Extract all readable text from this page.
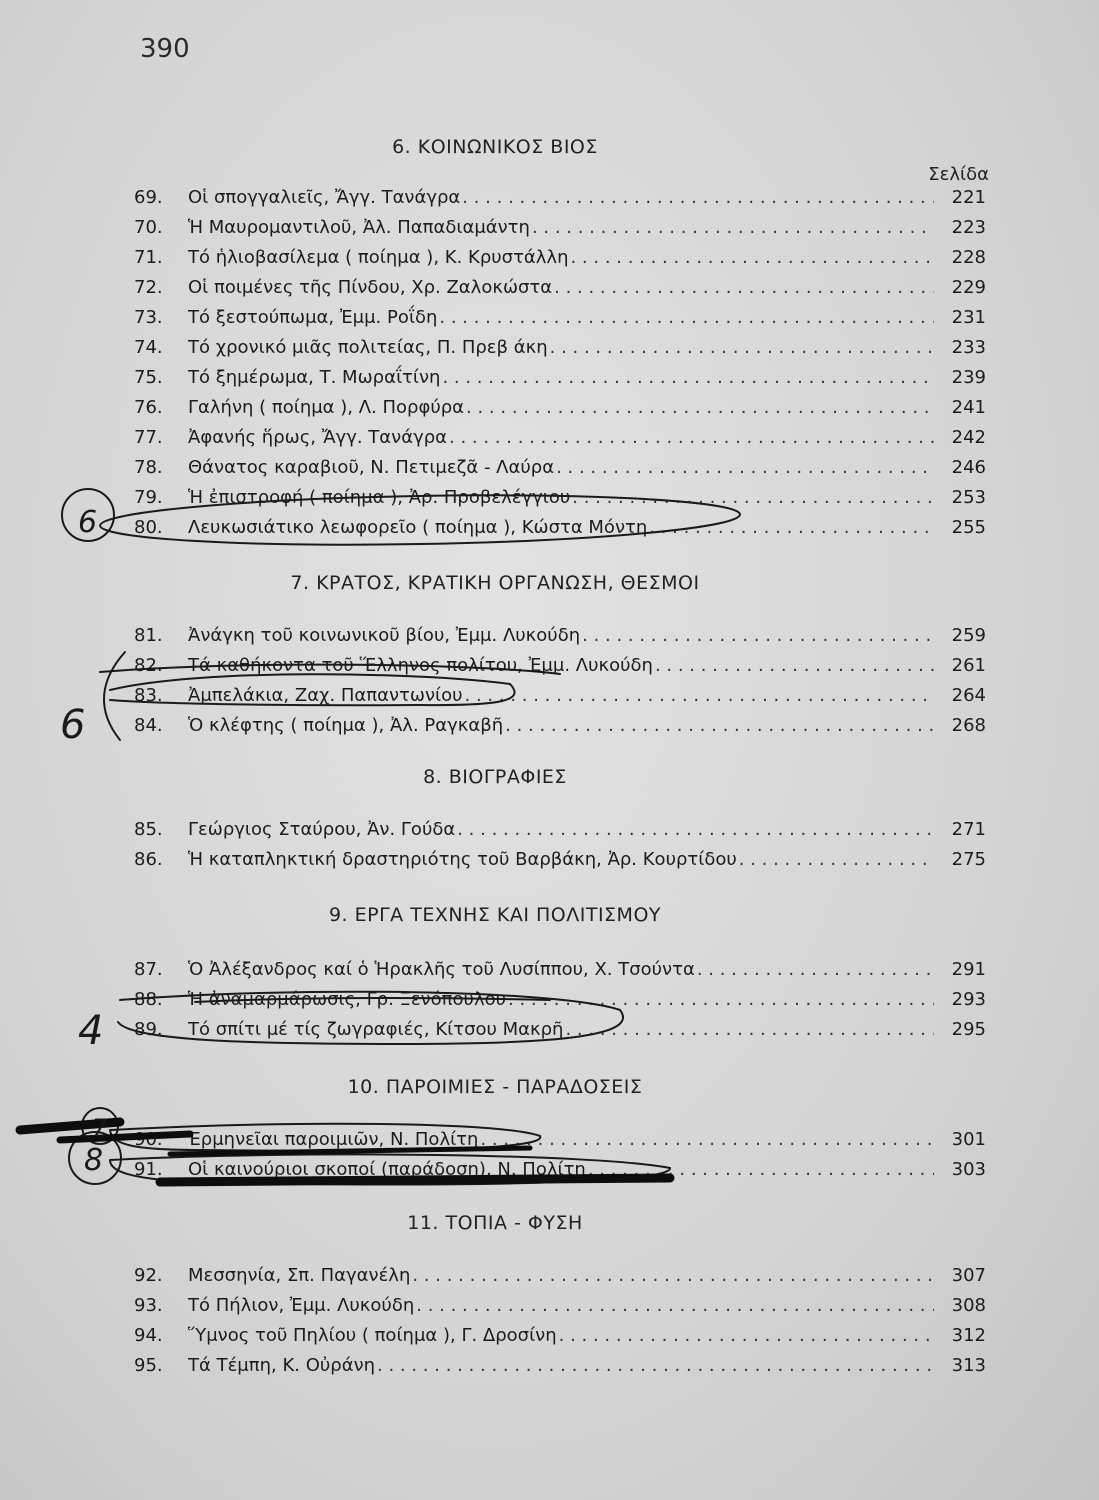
390
Σελίδα
6. ΚΟΙΝΩΝΙΚΟΣ ΒΙΟΣ
69.	Οἱ σπογγαλιεῖς, Ἄγγ. Τανάγρα . . .	221
70.	Ἡ Μαυρομαντιλοῦ, Ἀλ. Παπαδιαμάντη . . .	223
71.	Τό ἡλιοβασίλεμα ( ποίημα ), Κ. Κρυστάλλη . . .	228
72.	Οἱ ποιμένες τῆς Πίνδου, Χρ. Ζαλοκώστα . . .	229
73.	Τό ξεστούπωμα, Ἐμμ. Ροΐδη . . .	231
74.	Τό χρονικό μιᾶς πολιτείας, Π. Πρεβ άκη . . .	233
75.	Τό ξημέρωμα, Τ. Μωραΐτίνη . . .	239
76.	Γαλήνη ( ποίημα ), Λ. Πορφύρα . . .	241
77.	Ἀφανής ἥρως, Ἄγγ. Τανάγρα . . .	242
78.	Θάνατος καραβιοῦ, Ν. Πετιμεζᾶ - Λαύρα . . .	246
79.	Ἡ ἐπιστροφή ( ποίημα ), Ἀρ. Προβελέγγιου . . .	253
80.	Λευκωσιάτικο λεωφορεῖο ( ποίημα ), Κώστα Μόντη . . .	255
7. ΚΡΑΤΟΣ, ΚΡΑΤΙΚΗ ΟΡΓΑΝΩΣΗ, ΘΕΣΜΟΙ
81.	Ἀνάγκη τοῦ κοινωνικοῦ βίου, Ἐμμ. Λυκούδη . . .	259
82.	Τά καθήκοντα τοῦ Ἕλληνος πολίτου, Ἐμμ. Λυκούδη . . .	261
83.	Ἀμπελάκια, Ζαχ. Παπαντωνίου . . .	264
84.	Ὁ κλέφτης ( ποίημα ), Ἀλ. Ραγκαβῆ . . .	268
8. ΒΙΟΓΡΑΦΙΕΣ
85.	Γεώργιος Σταύρου, Ἀν. Γούδα . . .	271
86.	Ἡ καταπληκτική δραστηριότης τοῦ Βαρβάκη, Ἀρ. Κουρτίδου . . .	275
9. ΕΡΓΑ ΤΕΧΝΗΣ ΚΑΙ ΠΟΛΙΤΙΣΜΟΥ
87.	Ὁ Ἀλέξανδρος καί ὁ Ἡρακλῆς τοῦ Λυσίππου, Χ. Τσούντα . . .	291
88.	Ἡ ἀναμαρμάρωσις, Γρ. Ξενόπουλου . . .	293
89.	Τό σπίτι μέ τίς ζωγραφιές, Κίτσου Μακρῆ . . .	295
10. ΠΑΡΟΙΜΙΕΣ - ΠΑΡΑΔΟΣΕΙΣ
90.	Ἑρμηνεῖαι παροιμιῶν, Ν. Πολίτη . . .	301
91.	Οἱ καινούριοι σκοποί (παράδοση), Ν. Πολίτη . . .	303
11. ΤΟΠΙΑ - ΦΥΣΗ
92.	Μεσσηνία, Σπ. Παγανέλη . . .	307
93.	Τό Πήλιον, Ἐμμ. Λυκούδη . . .	308
94.	Ὕμνος τοῦ Πηλίου ( ποίημα ), Γ. Δροσίνη . . .	312
95.	Τά Τέμπη, Κ. Οὐράνη . . .	313
6
6
4
7
8
